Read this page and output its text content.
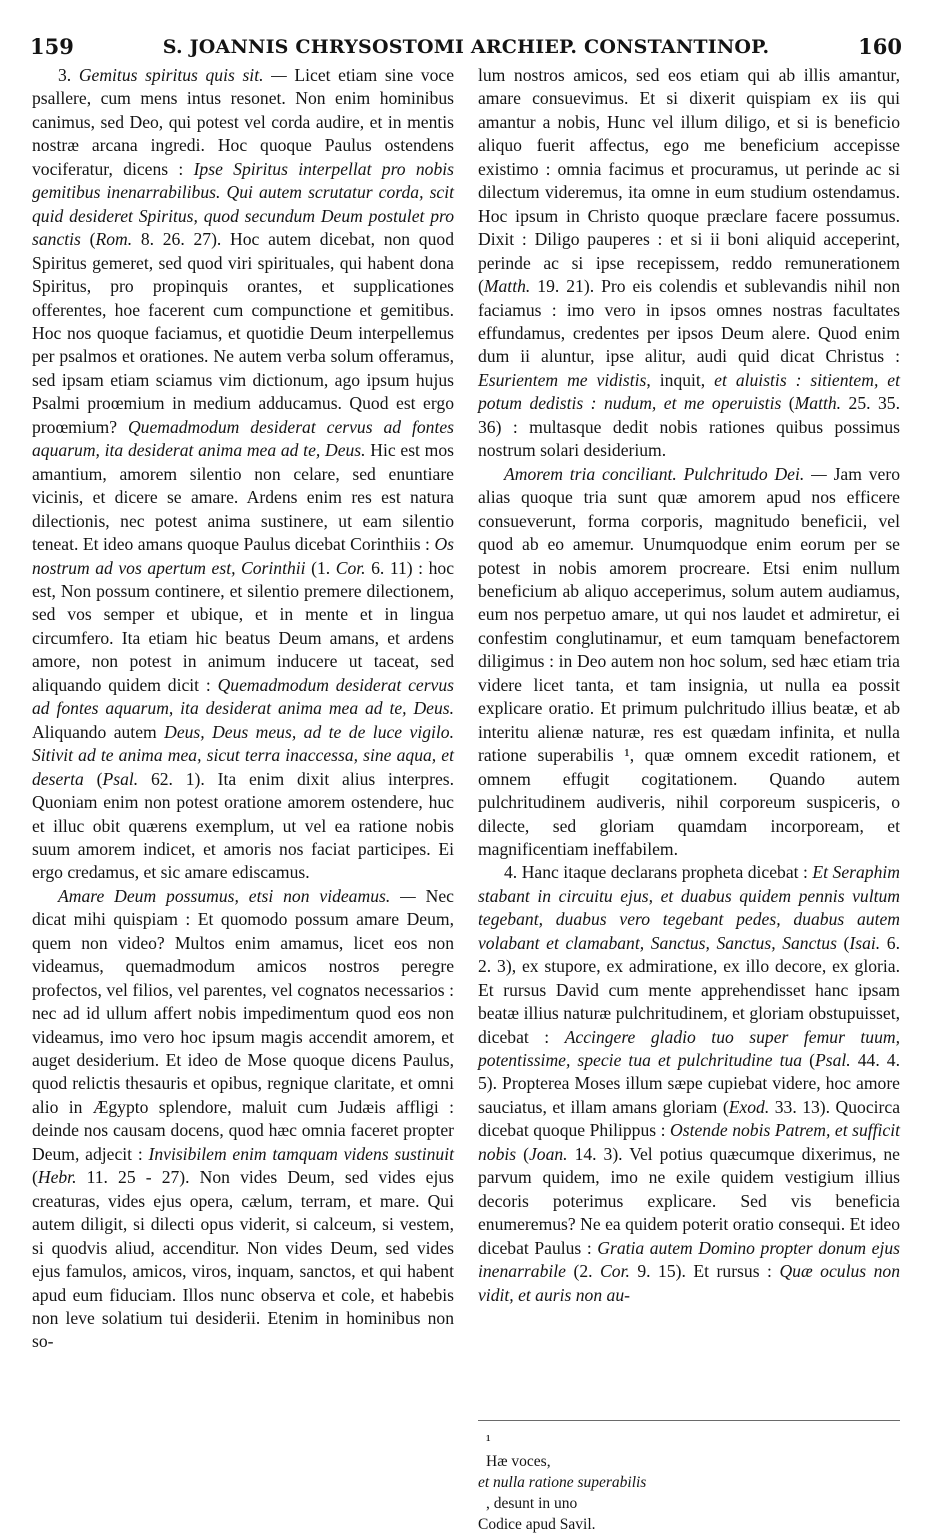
159	S. JOANNIS CHRYSOSTOMI ARCHIEP. CONSTANTINOP.	160

3. Gemitus spiritus quis sit. — Licet etiam sine voce psallere, cum mens intus resonet. Non enim hominibus canimus, sed Deo, qui potest vel corda audire, et in mentis nostræ arcana ingredi. Hoc quoque Paulus ostendens vociferatur, dicens : Ipse Spiritus interpellat pro nobis gemitibus inenarrabilibus. Qui autem scrutatur corda, scit quid desideret Spiritus, quod secundum Deum postulet pro sanctis (Rom. 8. 26. 27). Hoc autem dicebat, non quod Spiritus gemeret, sed quod viri spirituales, qui habent dona Spiritus, pro propinquis orantes, et supplicationes offerentes, hoe facerent cum compunctione et gemitibus. Hoc nos quoque faciamus, et quotidie Deum interpellemus per psalmos et orationes. Ne autem verba solum offeramus, sed ipsam etiam sciamus vim dictionum, ago ipsum hujus Psalmi proœmium in medium adducamus. Quod est ergo proœmium? Quemadmodum desiderat cervus ad fontes aquarum, ita desiderat anima mea ad te, Deus. Hic est mos amantium, amorem silentio non celare, sed enuntiare vicinis, et dicere se amare. Ardens enim res est natura dilectionis, nec potest anima sustinere, ut eam silentio teneat. Et ideo amans quoque Paulus dicebat Corinthiis : Os nostrum ad vos apertum est, Corinthii (1. Cor. 6. 11) : hoc est, Non possum continere, et silentio premere dilectionem, sed vos semper et ubique, et in mente et in lingua circumfero. Ita etiam hic beatus Deum amans, et ardens amore, non potest in animum inducere ut taceat, sed aliquando quidem dicit : Quemadmodum desiderat cervus ad fontes aquarum, ita desiderat anima mea ad te, Deus. Aliquando autem Deus, Deus meus, ad te de luce vigilo. Sitivit ad te anima mea, sicut terra inaccessa, sine aqua, et deserta (Psal. 62. 1). Ita enim dixit alius interpres. Quoniam enim non potest oratione amorem ostendere, huc et illuc obit quærens exemplum, ut vel ea ratione nobis suum amorem indicet, et amoris nos faciat participes. Ei ergo credamus, et sic amare ediscamus.

Amare Deum possumus, etsi non videamus. — Nec dicat mihi quispiam : Et quomodo possum amare Deum, quem non video? Multos enim amamus, licet eos non videamus, quemadmodum amicos nostros peregre profectos, vel filios, vel parentes, vel cognatos necessarios : nec ad id ullum affert nobis impedimentum quod eos non videamus, imo vero hoc ipsum magis accendit amorem, et auget desiderium. Et ideo de Mose quoque dicens Paulus, quod relictis thesauris et opibus, regnique claritate, et omni alio in Ægypto splendore, maluit cum Judæis affligi : deinde nos causam docens, quod hæc omnia faceret propter Deum, adjecit : Invisibilem enim tamquam videns sustinuit (Hebr. 11. 25 - 27). Non vides Deum, sed vides ejus creaturas, vides ejus opera, cælum, terram, et mare. Qui autem diligit, si dilecti opus viderit, si calceum, si vestem, si quodvis aliud, accenditur. Non vides Deum, sed vides ejus famulos, amicos, viros, inquam, sanctos, et qui habent apud eum fiduciam. Illos nunc observa et cole, et habebis non leve solatium tui desiderii. Etenim in hominibus non so-

lum nostros amicos, sed eos etiam qui ab illis amantur, amare consuevimus. Et si dixerit quispiam ex iis qui amantur a nobis, Hunc vel illum diligo, et si is beneficio aliquo fuerit affectus, ego me beneficium accepisse existimo : omnia facimus et procuramus, ut perinde ac si dilectum videremus, ita omne in eum studium ostendamus. Hoc ipsum in Christo quoque præclare facere possumus. Dixit : Diligo pauperes : et si ii boni aliquid acceperint, perinde ac si ipse recepissem, reddo remunerationem (Matth. 19. 21). Pro eis colendis et sublevandis nihil non faciamus : imo vero in ipsos omnes nostras facultates effundamus, credentes per ipsos Deum alere. Quod enim dum ii aluntur, ipse alitur, audi quid dicat Christus : Esurientem me vidistis, inquit, et aluistis : sitientem, et potum dedistis : nudum, et me operuistis (Matth. 25. 35. 36) : multasque dedit nobis rationes quibus possimus nostrum solari desiderium.

Amorem tria conciliant. Pulchritudo Dei. — Jam vero alias quoque tria sunt quæ amorem apud nos efficere consueverunt, forma corporis, magnitudo beneficii, vel quod ab eo amemur. Unumquodque enim eorum per se potest in nobis amorem procreare. Etsi enim nullum beneficium ab aliquo acceperimus, solum autem audiamus, eum nos perpetuo amare, ut qui nos laudet et admiretur, ei confestim conglutinamur, et eum tamquam benefactorem diligimus : in Deo autem non hoc solum, sed hæc etiam tria videre licet tanta, et tam insignia, ut nulla ea possit explicare oratio. Et primum pulchritudo illius beatæ, et ab interitu alienæ naturæ, res est quædam infinita, et nulla ratione superabilis ¹, quæ omnem excedit rationem, et omnem effugit cogitationem. Quando autem pulchritudinem audiveris, nihil corporeum suspiceris, o dilecte, sed gloriam quamdam incorpoream, et magnificentiam ineffabilem.

4. Hanc itaque declarans propheta dicebat : Et Seraphim stabant in circuitu ejus, et duabus quidem pennis vultum tegebant, duabus vero tegebant pedes, duabus autem volabant et clamabant, Sanctus, Sanctus, Sanctus (Isai. 6. 2. 3), ex stupore, ex admiratione, ex illo decore, ex gloria. Et rursus David cum mente apprehendisset hanc ipsam beatæ illius naturæ pulchritudinem, et gloriam obstupuisset, dicebat : Accingere gladio tuo super femur tuum, potentissime, specie tua et pulchritudine tua (Psal. 44. 4. 5). Propterea Moses illum sæpe cupiebat videre, hoc amore sauciatus, et illam amans gloriam (Exod. 33. 13). Quocirca dicebat quoque Philippus : Ostende nobis Patrem, et sufficit nobis (Joan. 14. 3). Vel potius quæcumque dixerimus, ne parvum quidem, imo ne exile quidem vestigium illius decoris poterimus explicare. Sed vis beneficia enumeremus? Ne ea quidem poterit oratio consequi. Et ideo dicebat Paulus : Gratia autem Domino propter donum ejus inenarrabile (2. Cor. 9. 15). Et rursus : Quæ oculus non vidit, et auris non au-

¹
Hæ voces,
et nulla ratione superabilis
, desunt in uno
Codice apud Savil.
